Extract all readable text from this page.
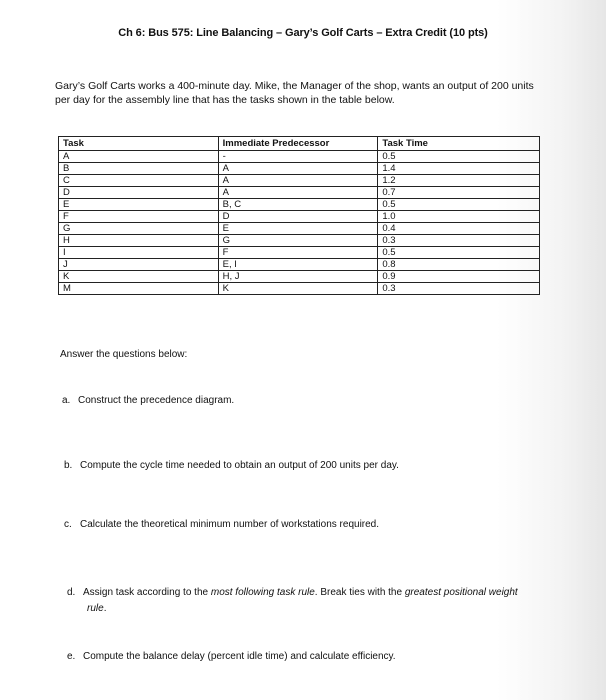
Ch 6: Bus 575: Line Balancing – Gary’s Golf Carts – Extra Credit (10 pts)
Gary’s Golf Carts works a 400-minute day. Mike, the Manager of the shop, wants an output of 200 units per day for the assembly line that has the tasks shown in the table below.
Task	Immediate Predecessor	Task Time
A	-	0.5
B	A	1.4
C	A	1.2
D	A	0.7
E	B, C	0.5
F	D	1.0
G	E	0.4
H	G	0.3
I	F	0.5
J	E, I	0.8
K	H, J	0.9
M	K	0.3
Answer the questions below:
a. Construct the precedence diagram.
b. Compute the cycle time needed to obtain an output of 200 units per day.
c. Calculate the theoretical minimum number of workstations required.
d. Assign task according to the most following task rule. Break ties with the greatest positional weight
rule.
e. Compute the balance delay (percent idle time) and calculate efficiency.
